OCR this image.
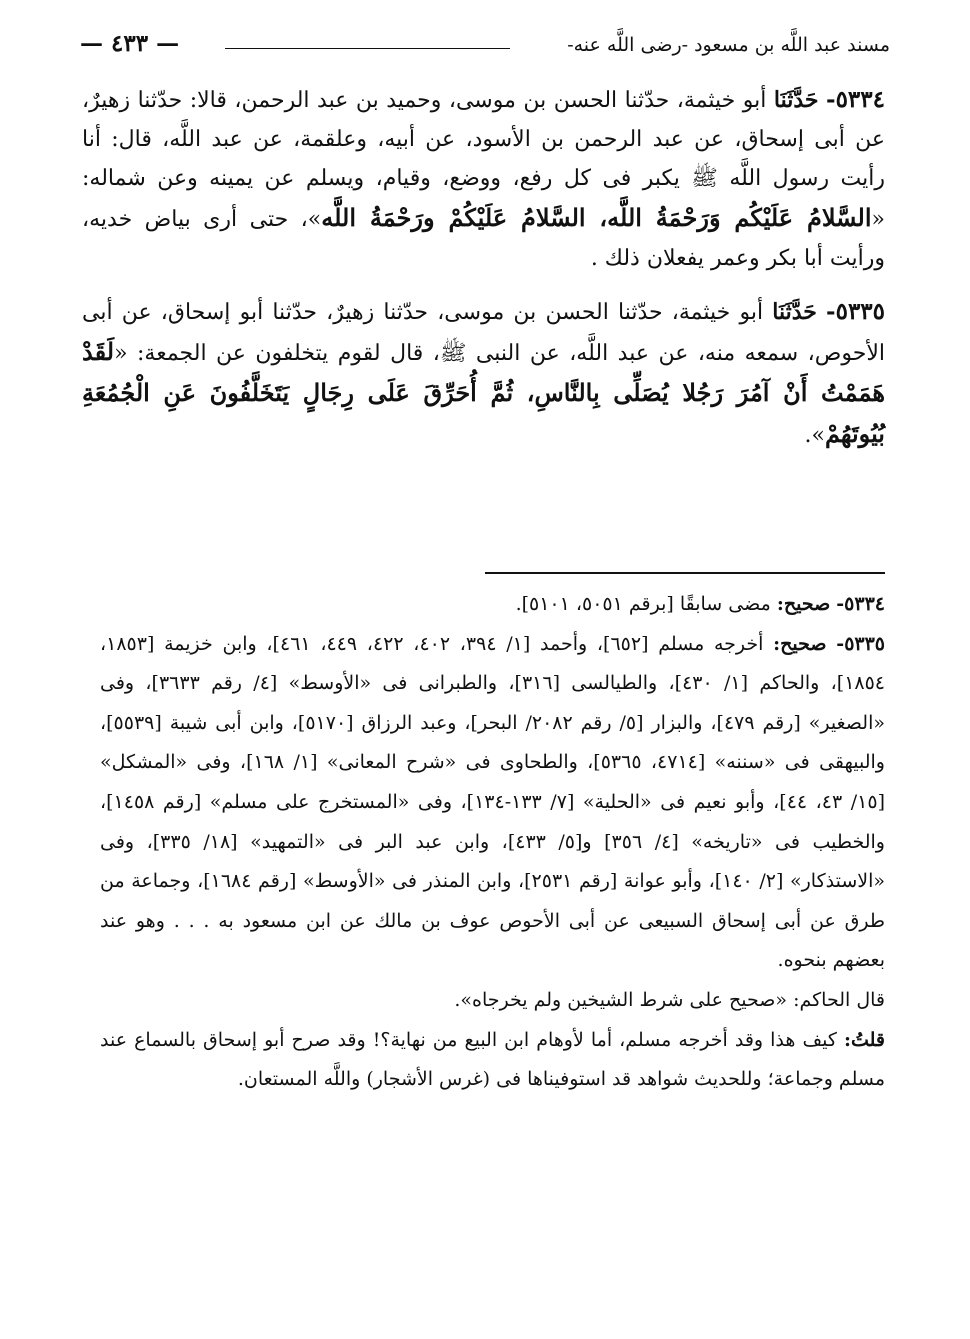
مسند عبد اللَّه بن مسعود -رضى اللَّه عنه-
— ٤٣٣ —

٥٣٣٤- حَدَّثَنَا أبو خيثمة، حدّثنا الحسن بن موسى، وحميد بن عبد الرحمن، قالا: حدّثنا زهيرٌ، عن أبى إسحاق، عن عبد الرحمن بن الأسود، عن أبيه، وعلقمة، عن عبد اللَّه، قال: أنا رأيت رسول اللَّه ﷺ يكبر فى كل رفع، ووضع، وقيام، ويسلم عن يمينه وعن شماله: «السَّلامُ عَلَيْكُم وَرَحْمَةُ اللَّه، السَّلامُ عَلَيْكُمْ ورَحْمَةُ اللَّه»، حتى أرى بياض خديه، ورأيت أبا بكر وعمر يفعلان ذلك .

٥٣٣٥- حَدَّثَنَا أبو خيثمة، حدّثنا الحسن بن موسى، حدّثنا زهيرٌ، حدّثنا أبو إسحاق، عن أبى الأحوص، سمعه منه، عن عبد اللَّه، عن النبى ﷺ، قال لقوم يتخلفون عن الجمعة: «لَقَدْ هَمَمْتُ أَنْ آمُرَ رَجُلا يُصَلِّى بِالنَّاسِ، ثُمَّ أُحَرِّقَ عَلَى رِجَالٍ يَتَخَلَّفُونَ عَنِ الْجُمُعَةِ بُيُوتَهُمْ».

٥٣٣٤- صحيح: مضى سابقًا [برقم ٥٠٥١، ٥١٠١].

٥٣٣٥- صحيح: أخرجه مسلم [٦٥٢]، وأحمد [١/ ٣٩٤، ٤٠٢، ٤٢٢، ٤٤٩، ٤٦١]، وابن خزيمة [١٨٥٣، ١٨٥٤]، والحاكم [١/ ٤٣٠]، والطيالسى [٣١٦]، والطبرانى فى «الأوسط» [٤/ رقم ٣٦٣٣]، وفى «الصغير» [رقم ٤٧٩]، والبزار [٥/ رقم ٢٠٨٢/ البحر]، وعبد الرزاق [٥١٧٠]، وابن أبى شيبة [٥٥٣٩]، والبيهقى فى «سننه» [٤٧١٤، ٥٣٦٥]، والطحاوى فى «شرح المعانى» [١/ ١٦٨]، وفى «المشكل» [١٥/ ٤٣، ٤٤]، وأبو نعيم فى «الحلية» [٧/ ١٣٣-١٣٤]، وفى «المستخرج على مسلم» [رقم ١٤٥٨]، والخطيب فى «تاريخه» [٤/ ٣٥٦] و[٥/ ٤٣٣]، وابن عبد البر فى «التمهيد» [١٨/ ٣٣٥]، وفى «الاستذكار» [٢/ ١٤٠]، وأبو عوانة [رقم ٢٥٣١]، وابن المنذر فى «الأوسط» [رقم ١٦٨٤]، وجماعة من طرق عن أبى إسحاق السبيعى عن أبى الأحوص عوف بن مالك عن ابن مسعود به . . . وهو عند بعضهم بنحوه.

قال الحاكم: «صحيح على شرط الشيخين ولم يخرجاه».

قلتُ: كيف هذا وقد أخرجه مسلم، أما لأوهام ابن البيع من نهاية؟! وقد صرح أبو إسحاق بالسماع عند مسلم وجماعة؛ وللحديث شواهد قد استوفيناها فى (غرس الأشجار) واللَّه المستعان.
